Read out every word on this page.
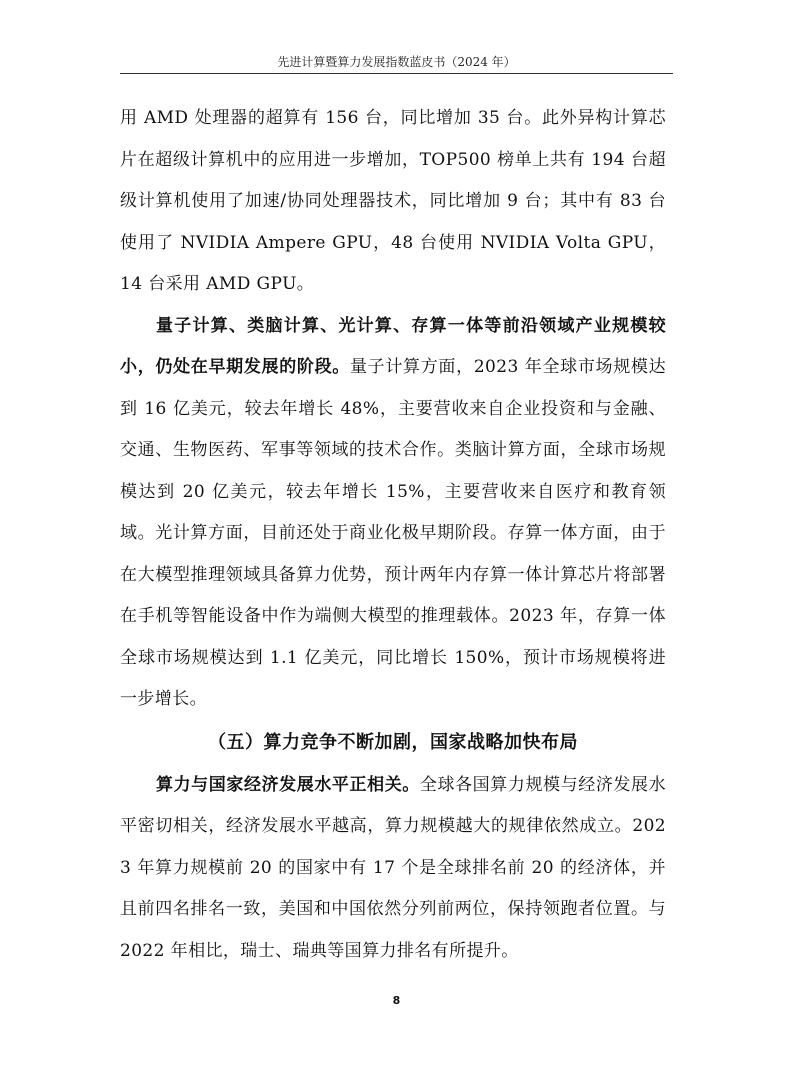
先进计算暨算力发展指数蓝皮书（2024 年）

用 AMD 处理器的超算有 156 台，同比增加 35 台。此外异构计算芯片在超级计算机中的应用进一步增加，TOP500 榜单上共有 194 台超级计算机使用了加速/协同处理器技术，同比增加 9 台；其中有 83 台使用了 NVIDIA Ampere GPU，48 台使用 NVIDIA Volta GPU，14 台采用 AMD GPU。

量子计算、类脑计算、光计算、存算一体等前沿领域产业规模较小，仍处在早期发展的阶段。量子计算方面，2023 年全球市场规模达到 16 亿美元，较去年增长 48%，主要营收来自企业投资和与金融、交通、生物医药、军事等领域的技术合作。类脑计算方面，全球市场规模达到 20 亿美元，较去年增长 15%，主要营收来自医疗和教育领域。光计算方面，目前还处于商业化极早期阶段。存算一体方面，由于在大模型推理领域具备算力优势，预计两年内存算一体计算芯片将部署在手机等智能设备中作为端侧大模型的推理载体。2023 年，存算一体全球市场规模达到 1.1 亿美元，同比增长 150%，预计市场规模将进一步增长。

（五）算力竞争不断加剧，国家战略加快布局

算力与国家经济发展水平正相关。全球各国算力规模与经济发展水平密切相关，经济发展水平越高，算力规模越大的规律依然成立。2023 年算力规模前 20 的国家中有 17 个是全球排名前 20 的经济体，并且前四名排名一致，美国和中国依然分列前两位，保持领跑者位置。与 2022 年相比，瑞士、瑞典等国算力排名有所提升。

8
